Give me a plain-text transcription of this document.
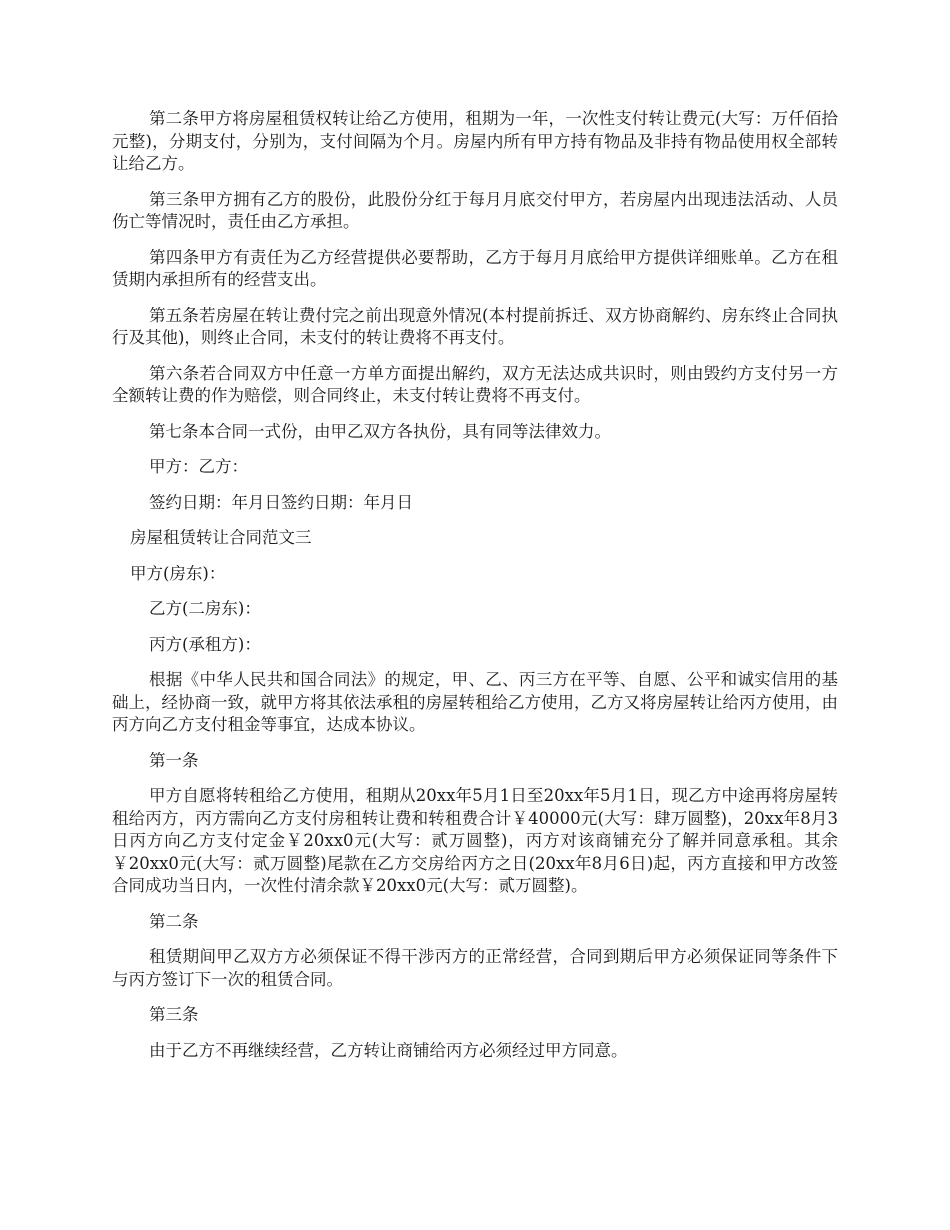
第二条甲方将房屋租赁权转让给乙方使用，租期为一年，一次性支付转让费元(大写：万仟佰拾元整)，分期支付，分别为，支付间隔为个月。房屋内所有甲方持有物品及非持有物品使用权全部转让给乙方。

第三条甲方拥有乙方的股份，此股份分红于每月月底交付甲方，若房屋内出现违法活动、人员伤亡等情况时，责任由乙方承担。

第四条甲方有责任为乙方经营提供必要帮助，乙方于每月月底给甲方提供详细账单。乙方在租赁期内承担所有的经营支出。

第五条若房屋在转让费付完之前出现意外情况(本村提前拆迁、双方协商解约、房东终止合同执行及其他)，则终止合同，未支付的转让费将不再支付。

第六条若合同双方中任意一方单方面提出解约，双方无法达成共识时，则由毁约方支付另一方全额转让费的作为赔偿，则合同终止，未支付转让费将不再支付。

第七条本合同一式份，由甲乙双方各执份，具有同等法律效力。

甲方：乙方：

签约日期：年月日签约日期：年月日

房屋租赁转让合同范文三

甲方(房东)：

乙方(二房东)：

丙方(承租方)：

根据《中华人民共和国合同法》的规定，甲、乙、丙三方在平等、自愿、公平和诚实信用的基础上，经协商一致，就甲方将其依法承租的房屋转租给乙方使用，乙方又将房屋转让给丙方使用，由丙方向乙方支付租金等事宜，达成本协议。

第一条

甲方自愿将转租给乙方使用，租期从20xx年5月1日至20xx年5月1日，现乙方中途再将房屋转租给丙方，丙方需向乙方支付房租转让费和转租费合计￥40000元(大写：肆万圆整)，20xx年8月3日丙方向乙方支付定金￥20xx0元(大写：贰万圆整)，丙方对该商铺充分了解并同意承租。其余￥20xx0元(大写：贰万圆整)尾款在乙方交房给丙方之日(20xx年8月6日)起，丙方直接和甲方改签合同成功当日内，一次性付清余款￥20xx0元(大写：贰万圆整)。

第二条

租赁期间甲乙双方方必须保证不得干涉丙方的正常经营，合同到期后甲方必须保证同等条件下与丙方签订下一次的租赁合同。

第三条

由于乙方不再继续经营，乙方转让商铺给丙方必须经过甲方同意。
